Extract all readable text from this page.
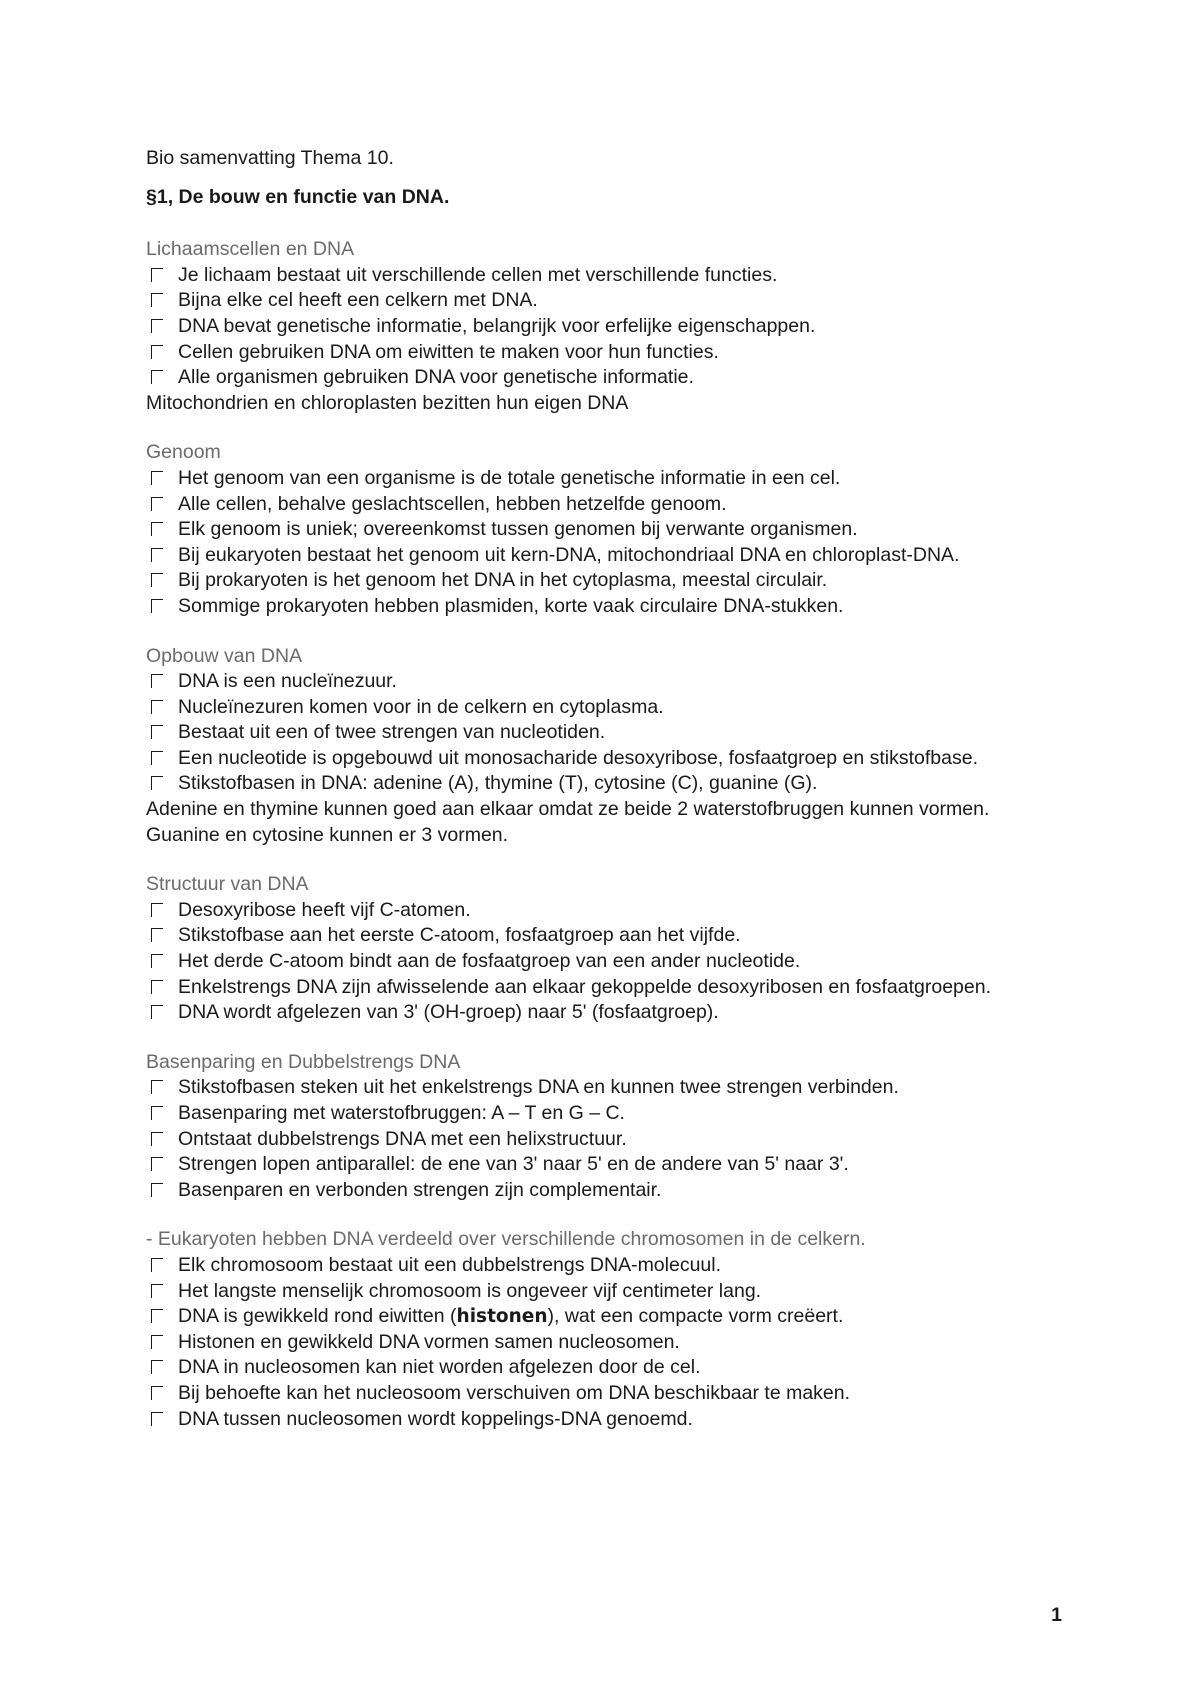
Bio samenvatting Thema 10.
§1, De bouw en functie van DNA.
Lichaamscellen en DNA
Je lichaam bestaat uit verschillende cellen met verschillende functies.
Bijna elke cel heeft een celkern met DNA.
DNA bevat genetische informatie, belangrijk voor erfelijke eigenschappen.
Cellen gebruiken DNA om eiwitten te maken voor hun functies.
Alle organismen gebruiken DNA voor genetische informatie.
Mitochondrien en chloroplasten bezitten hun eigen DNA
Genoom
Het genoom van een organisme is de totale genetische informatie in een cel.
Alle cellen, behalve geslachtscellen, hebben hetzelfde genoom.
Elk genoom is uniek; overeenkomst tussen genomen bij verwante organismen.
Bij eukaryoten bestaat het genoom uit kern-DNA, mitochondriaal DNA en chloroplast-DNA.
Bij prokaryoten is het genoom het DNA in het cytoplasma, meestal circulair.
Sommige prokaryoten hebben plasmiden, korte vaak circulaire DNA-stukken.
Opbouw van DNA
DNA is een nucleïnezuur.
Nucleïnezuren komen voor in de celkern en cytoplasma.
Bestaat uit een of twee strengen van nucleotiden.
Een nucleotide is opgebouwd uit monosacharide desoxyribose, fosfaatgroep en stikstofbase.
Stikstofbasen in DNA: adenine (A), thymine (T), cytosine (C), guanine (G).
Adenine en thymine kunnen goed aan elkaar omdat ze beide 2 waterstofbruggen kunnen vormen. Guanine en cytosine kunnen er 3 vormen.
Structuur van DNA
Desoxyribose heeft vijf C-atomen.
Stikstofbase aan het eerste C-atoom, fosfaatgroep aan het vijfde.
Het derde C-atoom bindt aan de fosfaatgroep van een ander nucleotide.
Enkelstrengs DNA zijn afwisselende aan elkaar gekoppelde desoxyribosen en fosfaatgroepen.
DNA wordt afgelezen van 3' (OH-groep) naar 5' (fosfaatgroep).
Basenparing en Dubbelstrengs DNA
Stikstofbasen steken uit het enkelstrengs DNA en kunnen twee strengen verbinden.
Basenparing met waterstofbruggen: A – T en G – C.
Ontstaat dubbelstrengs DNA met een helixstructuur.
Strengen lopen antiparallel: de ene van 3' naar 5' en de andere van 5' naar 3'.
Basenparen en verbonden strengen zijn complementair.
- Eukaryoten hebben DNA verdeeld over verschillende chromosomen in de celkern.
Elk chromosoom bestaat uit een dubbelstrengs DNA-molecuul.
Het langste menselijk chromosoom is ongeveer vijf centimeter lang.
DNA is gewikkeld rond eiwitten (histonen), wat een compacte vorm creëert.
Histonen en gewikkeld DNA vormen samen nucleosomen.
DNA in nucleosomen kan niet worden afgelezen door de cel.
Bij behoefte kan het nucleosoom verschuiven om DNA beschikbaar te maken.
DNA tussen nucleosomen wordt koppelings-DNA genoemd.
1
